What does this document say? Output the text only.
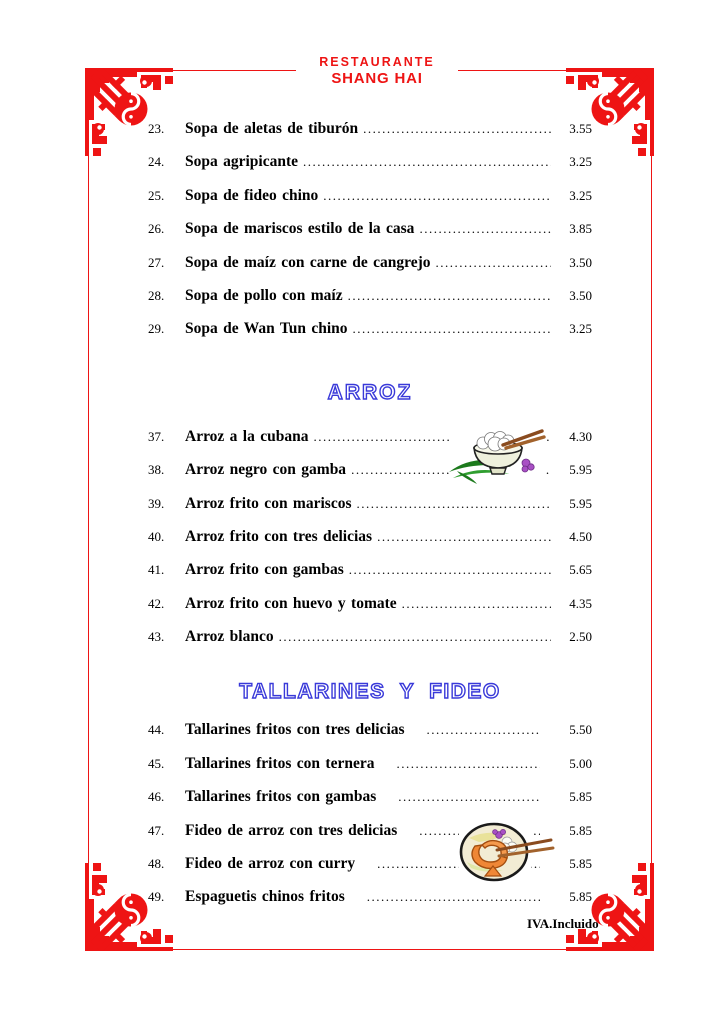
RESTAURANTE
SHANG HAI
23.	Sopa de aletas de tiburón .....	3.55
24.	Sopa agripicante .....	3.25
25.	Sopa de fideo chino .....	3.25
26.	Sopa de mariscos estilo de la casa .....	3.85
27.	Sopa de maíz con carne de cangrejo .....	3.50
28.	Sopa de pollo con maíz .....	3.50
29.	Sopa de Wan Tun chino .....	3.25
ARROZ
37.	Arroz a la cubana .....	4.30
38.	Arroz negro con gamba .....	5.95
39.	Arroz frito con mariscos .....	5.95
40.	Arroz frito con tres delicias .....	4.50
41.	Arroz frito con gambas .....	5.65
42.	Arroz frito con huevo y tomate .....	4.35
43.	Arroz blanco .....	2.50
TALLARINES Y FIDEO
44.	Tallarines fritos con tres delicias .....	5.50
45.	Tallarines fritos con ternera .....	5.00
46.	Tallarines fritos con gambas .....	5.85
47.	Fideo de arroz con tres delicias .....	5.85
48.	Fideo de arroz con curry .....	5.85
49.	Espaguetis chinos fritos .....	5.85
IVA.Incluido
